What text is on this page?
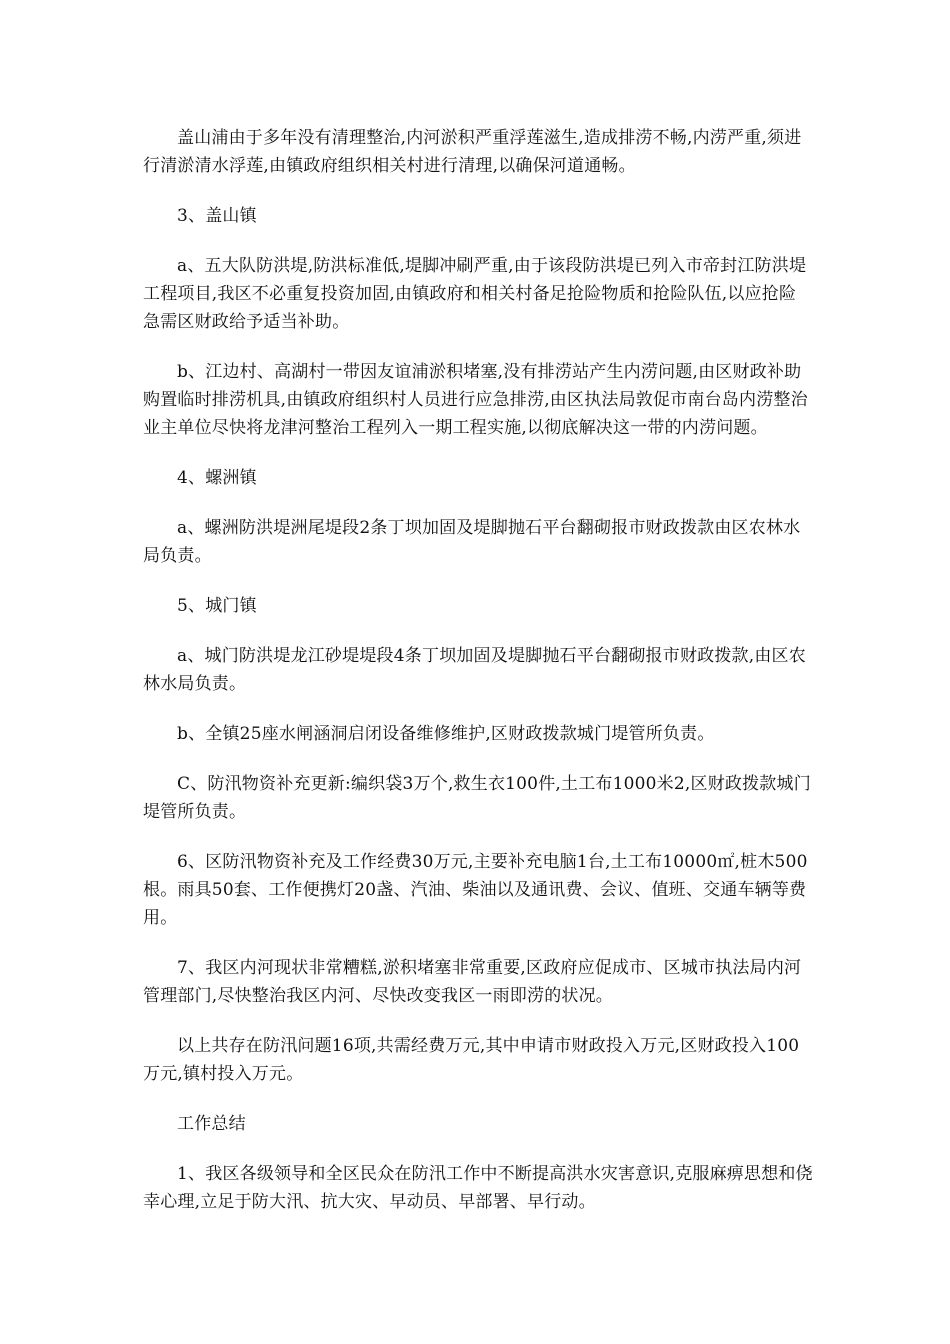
盖山浦由于多年没有清理整治,内河淤积严重浮莲滋生,造成排涝不畅,内涝严重,须进行清淤清水浮莲,由镇政府组织相关村进行清理,以确保河道通畅。

3、盖山镇

a、五大队防洪堤,防洪标准低,堤脚冲刷严重,由于该段防洪堤已列入市帝封江防洪堤工程项目,我区不必重复投资加固,由镇政府和相关村备足抢险物质和抢险队伍,以应抢险急需区财政给予适当补助。

b、江边村、高湖村一带因友谊浦淤积堵塞,没有排涝站产生内涝问题,由区财政补助购置临时排涝机具,由镇政府组织村人员进行应急排涝,由区执法局敦促市南台岛内涝整治业主单位尽快将龙津河整治工程列入一期工程实施,以彻底解决这一带的内涝问题。

4、螺洲镇

a、螺洲防洪堤洲尾堤段2条丁坝加固及堤脚抛石平台翻砌报市财政拨款由区农林水局负责。

5、城门镇

a、城门防洪堤龙江砂堤堤段4条丁坝加固及堤脚抛石平台翻砌报市财政拨款,由区农林水局负责。

b、全镇25座水闸涵洞启闭设备维修维护,区财政拨款城门堤管所负责。

C、防汛物资补充更新:编织袋3万个,救生衣100件,土工布1000米2,区财政拨款城门堤管所负责。

6、区防汛物资补充及工作经费30万元,主要补充电脑1台,土工布10000㎡,桩木500根。雨具50套、工作便携灯20盏、汽油、柴油以及通讯费、会议、值班、交通车辆等费用。

7、我区内河现状非常糟糕,淤积堵塞非常重要,区政府应促成市、区城市执法局内河管理部门,尽快整治我区内河、尽快改变我区一雨即涝的状况。

以上共存在防汛问题16项,共需经费万元,其中申请市财政投入万元,区财政投入100万元,镇村投入万元。

工作总结

1、我区各级领导和全区民众在防汛工作中不断提高洪水灾害意识,克服麻痹思想和侥幸心理,立足于防大汛、抗大灾、早动员、早部署、早行动。
